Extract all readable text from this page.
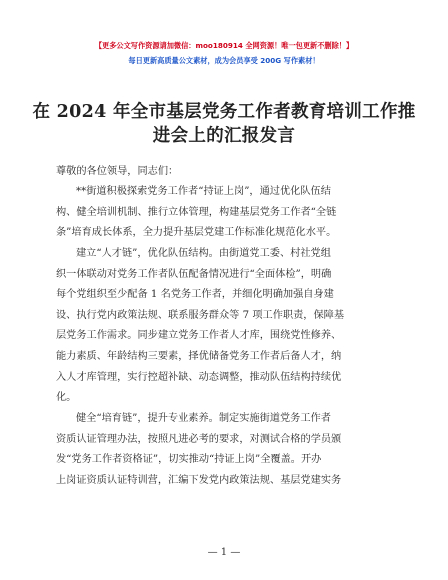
【更多公文写作资源请加微信：moo180914 全网资源！唯一包更新不删除！】
每日更新高质量公文素材，成为会员享受 200G 写作素材！
在 2024 年全市基层党务工作者教育培训工作推
进会上的汇报发言
尊敬的各位领导，同志们：
**街道积极探索党务工作者“持证上岗”，通过优化队伍结
构、健全培训机制、推行立体管理，构建基层党务工作者“全链
条”培育成长体系，全力提升基层党建工作标准化规范化水平。
建立“人才链”，优化队伍结构。由街道党工委、村社党组
织一体联动对党务工作者队伍配备情况进行“全面体检”，明确
每个党组织至少配备 1 名党务工作者，并细化明确加强自身建
设、执行党内政策法规、联系服务群众等 7 项工作职责，保障基
层党务工作需求。同步建立党务工作者人才库，围绕党性修养、
能力素质、年龄结构三要素，择优储备党务工作者后备人才，纳
入人才库管理，实行控超补缺、动态调整，推动队伍结构持续优
化。
健全“培育链”，提升专业素养。制定实施街道党务工作者
资质认证管理办法，按照凡进必考的要求，对测试合格的学员颁
发“党务工作者资格证”，切实推动“持证上岗”全覆盖。开办
上岗证资质认证特训营，汇编下发党内政策法规、基层党建实务
— 1 —
